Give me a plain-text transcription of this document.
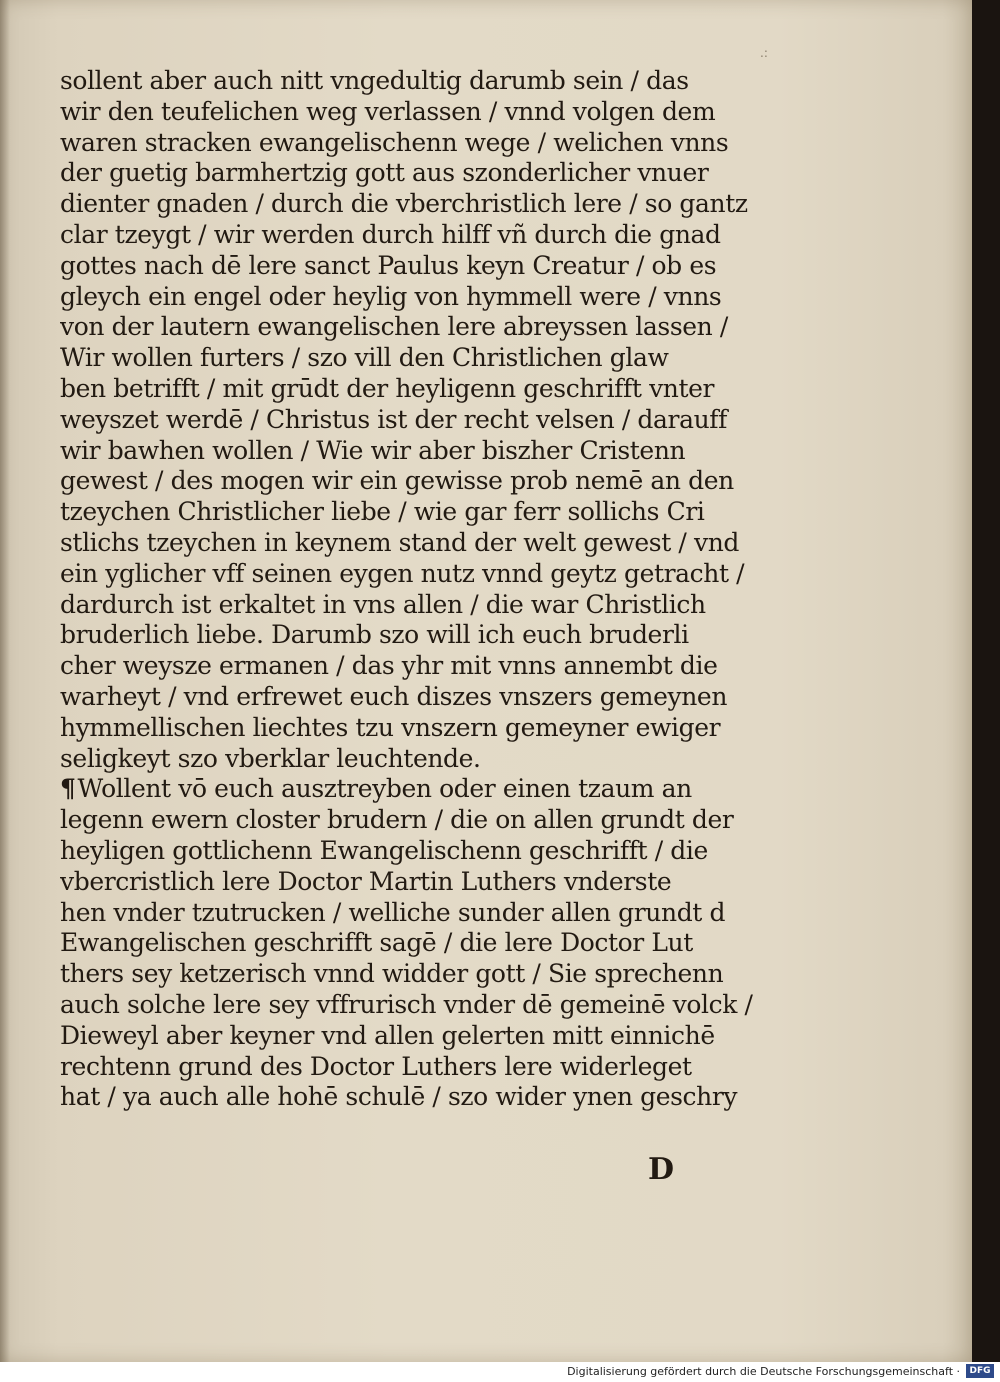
.:
sollent aber auch nitt vngedultig darumb sein / das
wir den teufelichen weg verlassen / vnnd volgen dem
waren stracken ewangelischenn wege / welichen vnns
der guetig barmhertzig gott aus szonderlicher vnuer
dienter gnaden / durch die vberchristlich lere / so gantz
clar tzeygt / wir werden durch hilff vñ durch die gnad
gottes nach dē lere sanct Paulus keyn Creatur / ob es
gleych ein engel oder heylig von hymmell were / vnns
von der lautern ewangelischen lere abreyssen lassen /
Wir wollen furters / szo vill den Christlichen glaw
ben betrifft / mit grūdt der heyligenn geschrifft vnter
weyszet werdē / Christus ist der recht velsen / darauff
wir bawhen wollen / Wie wir aber biszher Cristenn
gewest / des mogen wir ein gewisse prob nemē an den
tzeychen Christlicher liebe / wie gar ferr sollichs Cri
stlichs tzeychen in keynem stand der welt gewest / vnd
ein yglicher vff seinen eygen nutz vnnd geytz getracht /
dardurch ist erkaltet in vns allen / die war Christlich
bruderlich liebe. Darumb szo will ich euch bruderli
cher weysze ermanen / das yhr mit vnns annembt die
warheyt / vnd erfrewet euch diszes vnszers gemeynen
hymmellischen liechtes tzu vnszern gemeyner ewiger
seligkeyt szo vberklar leuchtende.
¶Wollent vō euch ausztreyben oder einen tzaum an
legenn ewern closter brudern / die on allen grundt der
heyligen gottlichenn Ewangelischenn geschrifft / die
vbercristlich lere Doctor Martin Luthers vnderste
hen vnder tzutrucken / welliche sunder allen grundt d
Ewangelischen geschrifft sagē / die lere Doctor Lut
thers sey ketzerisch vnnd widder gott / Sie sprechenn
auch solche lere sey vffrurisch vnder dē gemeinē volck /
Dieweyl aber keyner vnd allen gelerten mitt einnichē
rechtenn grund des Doctor Luthers lere widerleget
hat / ya auch alle hohē schulē / szo wider ynen geschry
D
Digitalisierung gefördert durch die Deutsche Forschungsgemeinschaft ·	DFG
